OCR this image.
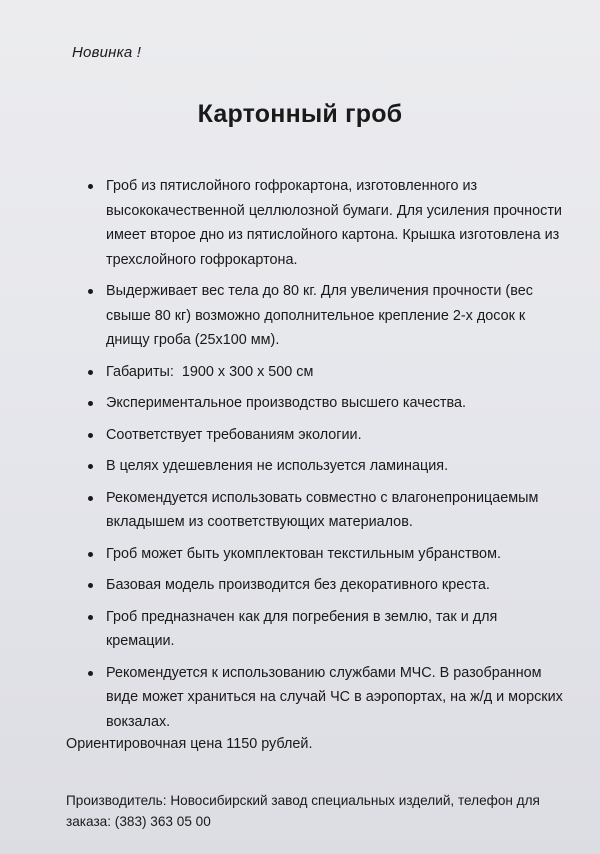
Новинка !
Картонный гроб
Гроб из пятислойного гофрокартона, изготовленного из высококачественной целлюлозной бумаги. Для усиления прочности имеет второе дно из пятислойного картона. Крышка изготовлена из трехслойного гофрокартона.
Выдерживает вес тела до 80 кг. Для увеличения прочности (вес свыше 80 кг) возможно дополнительное крепление 2-х досок к днищу гроба (25х100 мм).
Габариты:  1900 х 300 х 500 см
Экспериментальное производство высшего качества.
Соответствует требованиям экологии.
В целях удешевления не используется ламинация.
Рекомендуется использовать совместно с влагонепроницаемым вкладышем из соответствующих материалов.
Гроб может быть укомплектован текстильным убранством.
Базовая модель производится без декоративного креста.
Гроб предназначен как для погребения в землю, так и для кремации.
Рекомендуется к использованию службами МЧС. В разобранном виде может храниться на случай ЧС в аэропортах, на ж/д и морских вокзалах.
Ориентировочная цена 1150 рублей.
Производитель: Новосибирский завод специальных изделий, телефон для заказа: (383) 363 05 00
